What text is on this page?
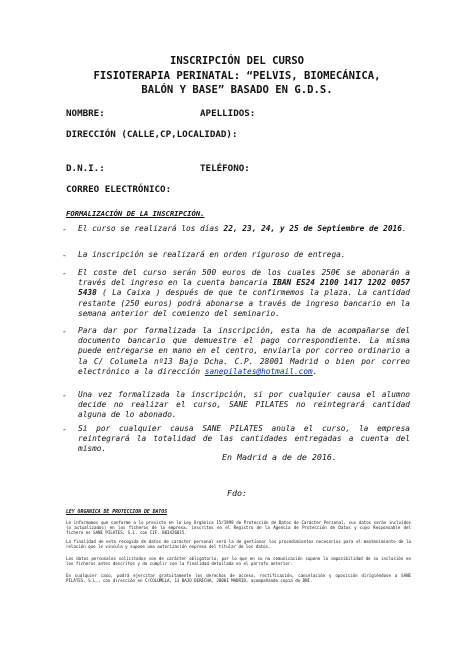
INSCRIPCIÓN DEL CURSO
FISIOTERAPIA PERINATAL: “PELVIS, BIOMECÁNICA,
BALÓN Y BASE” BASADO EN G.D.S.
NOMBRE:	APELLIDOS:
DIRECCIÓN (CALLE,CP,LOCALIDAD):
D.N.I.:	TELÉFONO:
CORREO ELECTRÓNICO:
FORMALIZACIÓN DE LA INSCRIPCIÓN.
- El curso se realizará los días 22, 23, 24, y 25 de Septiembre de 2016.

- La inscripción se realizará en orden riguroso de entrega.

- El coste del curso serán 500 euros de los cuales 250€ se abonarán a través del ingreso en la cuenta bancaria IBAN ES24 2100 1417 1202 0057 5438 ( La Caixa ) después de que te confirmemos la plaza. La cantidad restante (250 euros) podrá abonarse a través de ingreso bancario en la semana anterior del comienzo del seminario.

- Para dar por formalizada la inscripción, esta ha de acompañarse del documento bancario que demuestre el pago correspondiente. La misma puede entregarse en mano en el centro, enviarla por correo ordinario a la C/ Columela nº13 Bajo Dcha. C.P. 28001 Madrid o bien por correo electrónico a la dirección sanepilates@hotmail.com.

- Una vez formalizada la inscripción, si por cualquier causa el alumno decide no realizar el curso, SANE PILATES no reintegrará cantidad alguna de lo abonado.

- Si por cualquier causa SANE PILATES anula el curso, la empresa reintegrará la totalidad de las cantidades entregadas a cuenta del mismo.

En Madrid a de de 2016.
Fdo:
LEY ORGANICA DE PROTECCION DE DATOS

Le informamos que conforme a lo previsto en la Ley Orgánica 15/1999 de Protección de Datos de Carácter Personal, sus datos serán incluidos (o actualizados) en los ficheros de la empresa, inscritos en el Registro de la Agencia de Protección de Datos y cuyo Responsable del fichero es SANE PILATES, S.L. con CIF. B83426015.

La finalidad de esta recogida de datos de carácter personal será la de gestionar los procedimientos necesarios para el mantenimiento de la relación que le vincula y supone una autorización expresa del titular de los datos.

Los datos personales solicitados son de carácter obligatorio, por lo que en su no comunicación supone la imposibilidad de su inclusión en los ficheros antes descritos y de cumplir con la finalidad detallada en el párrafo anterior.

En cualquier caso, podrá ejercitar gratuitamente los derechos de acceso, rectificación, cancelación y oposición dirigiéndose a SANE PILATES, S.L., con dirección en C/COLUMELA, 13 BAJO DERECHA, 28001 MADRID, acompañando copia de DNI.
